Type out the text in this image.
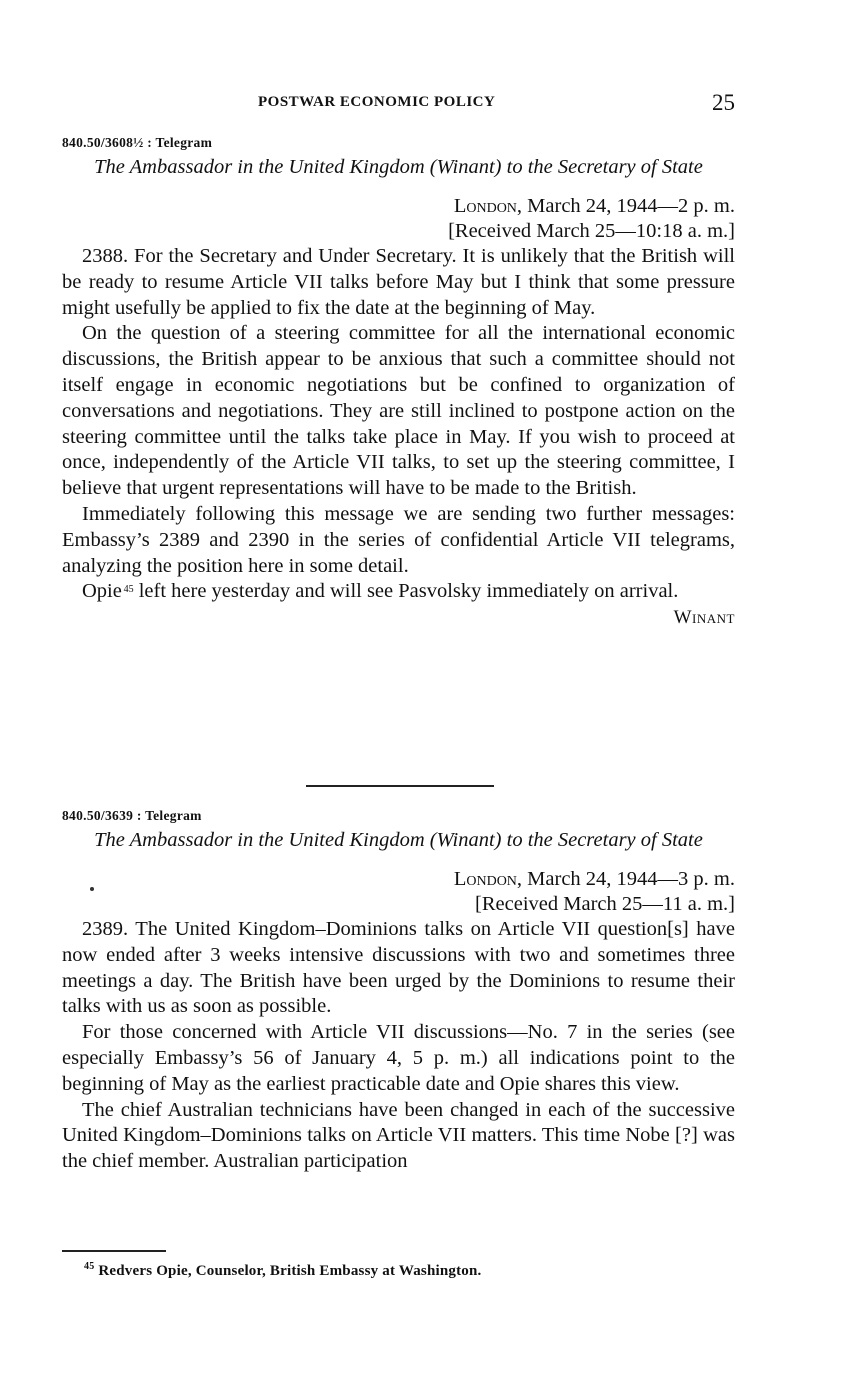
POSTWAR ECONOMIC POLICY	25
840.50/3608½ : Telegram
The Ambassador in the United Kingdom (Winant) to the Secretary of State
London, March 24, 1944—2 p. m.
[Received March 25—10:18 a. m.]

2388. For the Secretary and Under Secretary. It is unlikely that the British will be ready to resume Article VII talks before May but I think that some pressure might usefully be applied to fix the date at the beginning of May.

On the question of a steering committee for all the international economic discussions, the British appear to be anxious that such a committee should not itself engage in economic negotiations but be confined to organization of conversations and negotiations. They are still inclined to postpone action on the steering committee until the talks take place in May. If you wish to proceed at once, independently of the Article VII talks, to set up the steering committee, I believe that urgent representations will have to be made to the British.

Immediately following this message we are sending two further messages: Embassy’s 2389 and 2390 in the series of confidential Article VII telegrams, analyzing the position here in some detail.

Opie  $^{45}$ left here yesterday and will see Pasvolsky immediately on arrival.

Winant
840.50/3639 : Telegram
The Ambassador in the United Kingdom (Winant) to the Secretary of State
London, March 24, 1944—3 p. m.
[Received March 25—11 a. m.]

2389. The United Kingdom–Dominions talks on Article VII question[s] have now ended after 3 weeks intensive discussions with two and sometimes three meetings a day. The British have been urged by the Dominions to resume their talks with us as soon as possible.

For those concerned with Article VII discussions—No. 7 in the series (see especially Embassy’s 56 of January 4, 5 p. m.) all indications point to the beginning of May as the earliest practicable date and Opie shares this view.

The chief Australian technicians have been changed in each of the successive United Kingdom–Dominions talks on Article VII matters. This time Nobe [?] was the chief member. Australian participation

$^{45}$ Redvers Opie, Counselor, British Embassy at Washington.
